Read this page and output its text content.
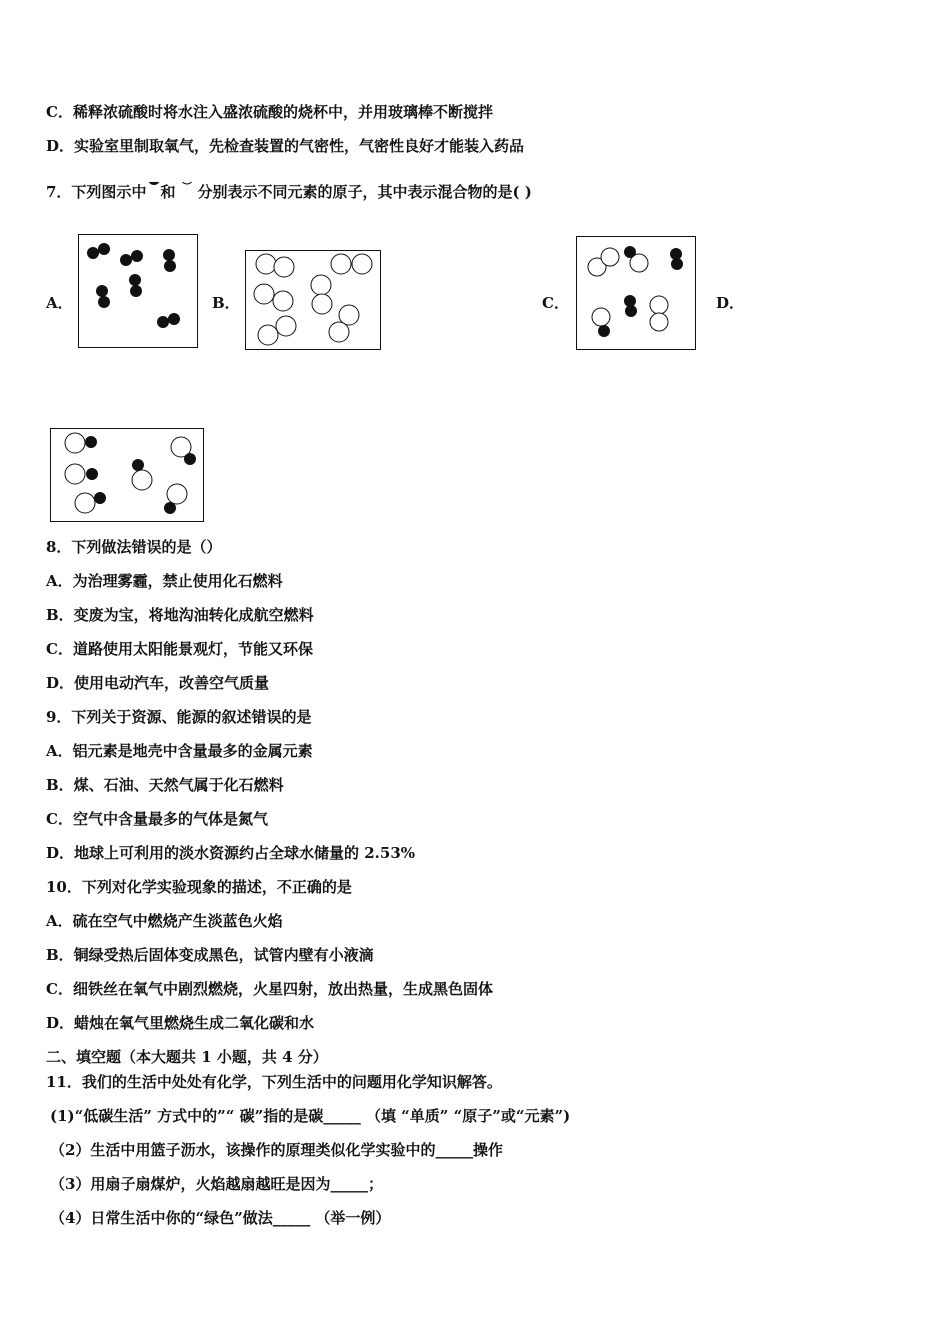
C．稀释浓硫酸时将水注入盛浓硫酸的烧杯中，并用玻璃棒不断搅拌
D．实验室里制取氧气，先检查装置的气密性，气密性良好才能装入药品
7．下列图示中 和 分别表示不同元素的原子，其中表示混合物的是( )
A．	B．	C．	D．
8．下列做法错误的是（）
A．为治理雾霾，禁止使用化石燃料
B．变废为宝，将地沟油转化成航空燃料
C．道路使用太阳能景观灯，节能又环保
D．使用电动汽车，改善空气质量
9．下列关于资源、能源的叙述错误的是
A．铝元素是地壳中含量最多的金属元素
B．煤、石油、天然气属于化石燃料
C．空气中含量最多的气体是氮气
D．地球上可利用的淡水资源约占全球水储量的 2.53%
10．下列对化学实验现象的描述，不正确的是
A．硫在空气中燃烧产生淡蓝色火焰
B．铜绿受热后固体变成黑色，试管内壁有小液滴
C．细铁丝在氧气中剧烈燃烧，火星四射，放出热量，生成黑色固体
D．蜡烛在氧气里燃烧生成二氧化碳和水
二、填空题（本大题共 1 小题，共 4 分）
11．我们的生活中处处有化学，下列生活中的问题用化学知识解答。
(1)“低碳生活” 方式中的”“ 碳”指的是碳_____ （填 “单质” “原子”或“元素”)
（2）生活中用篮子沥水，该操作的原理类似化学实验中的_____操作
（3）用扇子扇煤炉，火焰越扇越旺是因为_____；
（4）日常生活中你的“绿色”做法_____ （举一例）
